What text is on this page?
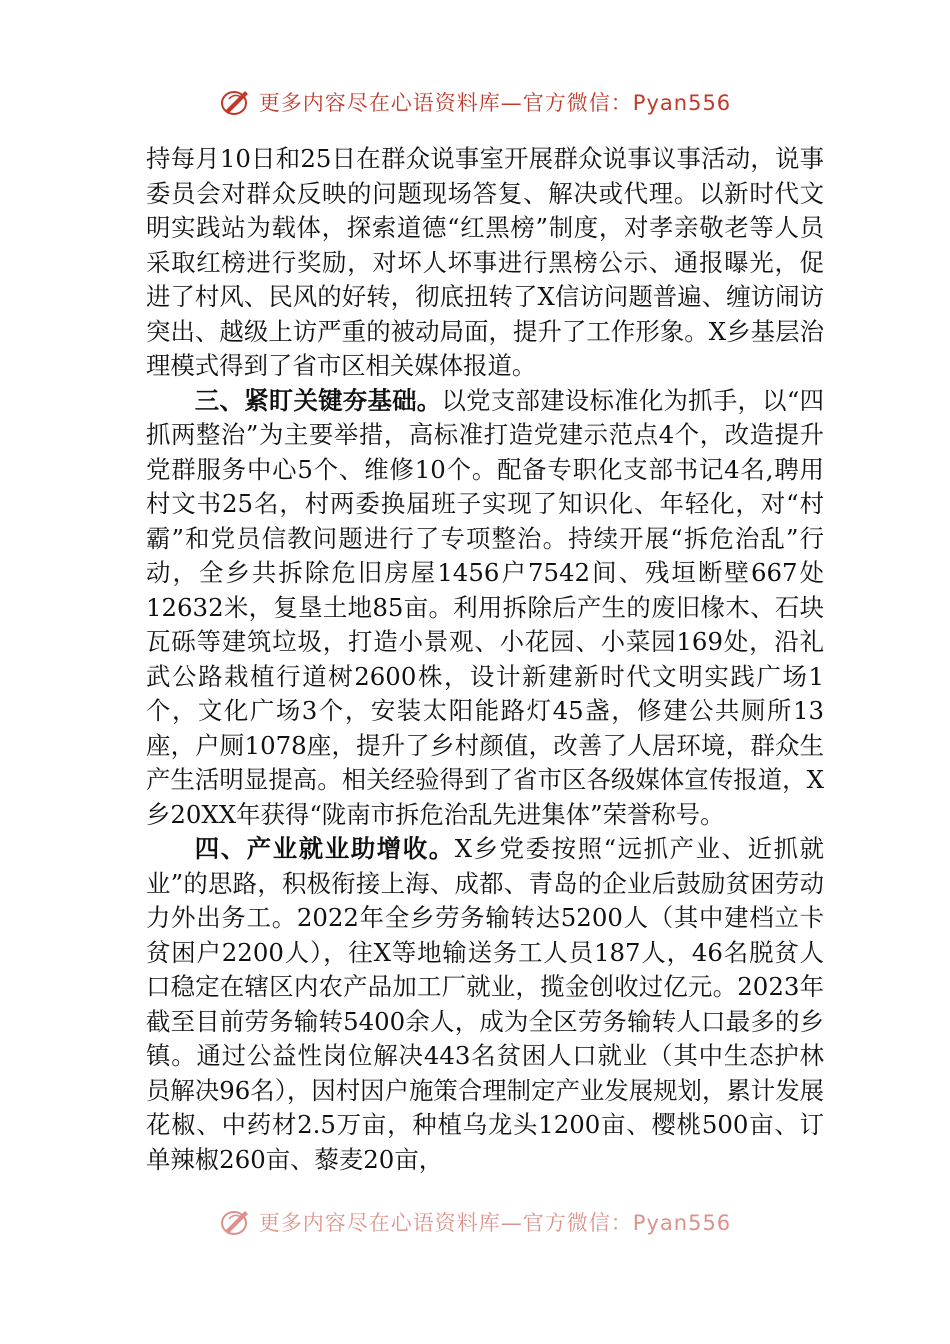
更多内容尽在心语资料库—官方微信：Pyan556

持每月10日和25日在群众说事室开展群众说事议事活动，说事委员会对群众反映的问题现场答复、解决或代理。以新时代文明实践站为载体，探索道德“红黑榜”制度，对孝亲敬老等人员采取红榜进行奖励，对坏人坏事进行黑榜公示、通报曝光，促进了村风、民风的好转，彻底扭转了X信访问题普遍、缠访闹访突出、越级上访严重的被动局面，提升了工作形象。X乡基层治理模式得到了省市区相关媒体报道。

三、紧盯关键夯基础。以党支部建设标准化为抓手，以“四抓两整治”为主要举措，高标准打造党建示范点4个，改造提升党群服务中心5个、维修10个。配备专职化支部书记4名,聘用村文书25名，村两委换届班子实现了知识化、年轻化，对“村霸”和党员信教问题进行了专项整治。持续开展“拆危治乱”行动，全乡共拆除危旧房屋1456户7542间、残垣断壁667处12632米，复垦土地85亩。利用拆除后产生的废旧椽木、石块瓦砾等建筑垃圾，打造小景观、小花园、小菜园169处，沿礼武公路栽植行道树2600株，设计新建新时代文明实践广场1个，文化广场3个，安装太阳能路灯45盏，修建公共厕所13座，户厕1078座，提升了乡村颜值，改善了人居环境，群众生产生活明显提高。相关经验得到了省市区各级媒体宣传报道，X乡20XX年获得“陇南市拆危治乱先进集体”荣誉称号。

四、产业就业助增收。X乡党委按照“远抓产业、近抓就业”的思路，积极衔接上海、成都、青岛的企业后鼓励贫困劳动力外出务工。2022年全乡劳务输转达5200人（其中建档立卡贫困户2200人），往X等地输送务工人员187人，46名脱贫人口稳定在辖区内农产品加工厂就业，揽金创收过亿元。2023年截至目前劳务输转5400余人，成为全区劳务输转人口最多的乡镇。通过公益性岗位解决443名贫困人口就业（其中生态护林员解决96名），因村因户施策合理制定产业发展规划，累计发展花椒、中药材2.5万亩，种植乌龙头1200亩、樱桃500亩、订单辣椒260亩、藜麦20亩，

更多内容尽在心语资料库—官方微信：Pyan556
